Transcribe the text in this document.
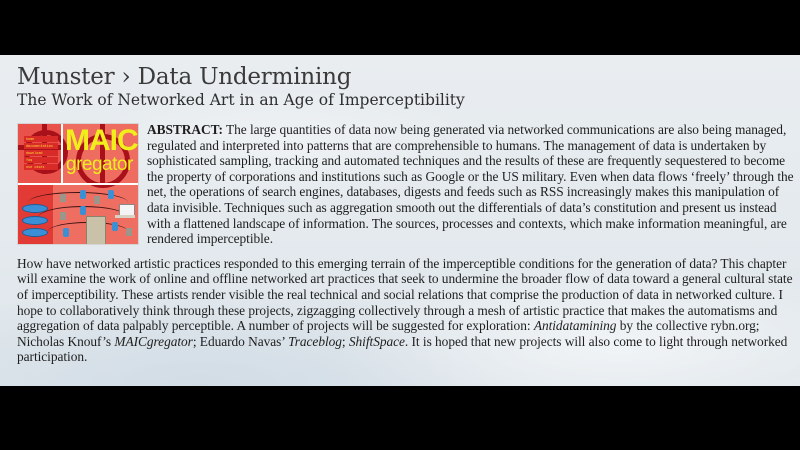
Munster › Data Undermining
The Work of Networked Art in an Age of Imperceptibility
home
documentation
download
faq
use cases
MAIC
gregator

ABSTRACT: The large quantities of data now being generated via networked communications are also being managed, regulated and interpreted into patterns that are comprehensible to humans. The management of data is undertaken by sophisticated sampling, tracking and automated techniques and the results of these are frequently sequestered to become the property of corporations and institutions such as Google or the US military. Even when data flows ‘freely’ through the net, the operations of search engines, databases, digests and feeds such as RSS increasingly makes this manipulation of data invisible. Techniques such as aggregation smooth out the differentials of data’s constitution and present us instead with a flattened landscape of information. The sources, processes and contexts, which make information meaningful, are rendered imperceptible.

How have networked artistic practices responded to this emerging terrain of the imperceptible conditions for the generation of data? This chapter will examine the work of online and offline networked art practices that seek to undermine the broader flow of data toward a general cultural state of imperceptibility. These artists render visible the real technical and social relations that comprise the production of data in networked culture. I hope to collaboratively think through these projects, zigzagging collectively through a mesh of artistic practice that makes the automatisms and aggregation of data palpably perceptible. A number of projects will be suggested for exploration: Antidatamining by the collective rybn.org; Nicholas Knouf’s MAICgregator; Eduardo Navas’ Traceblog; ShiftSpace. It is hoped that new projects will also come to light through networked participation.
